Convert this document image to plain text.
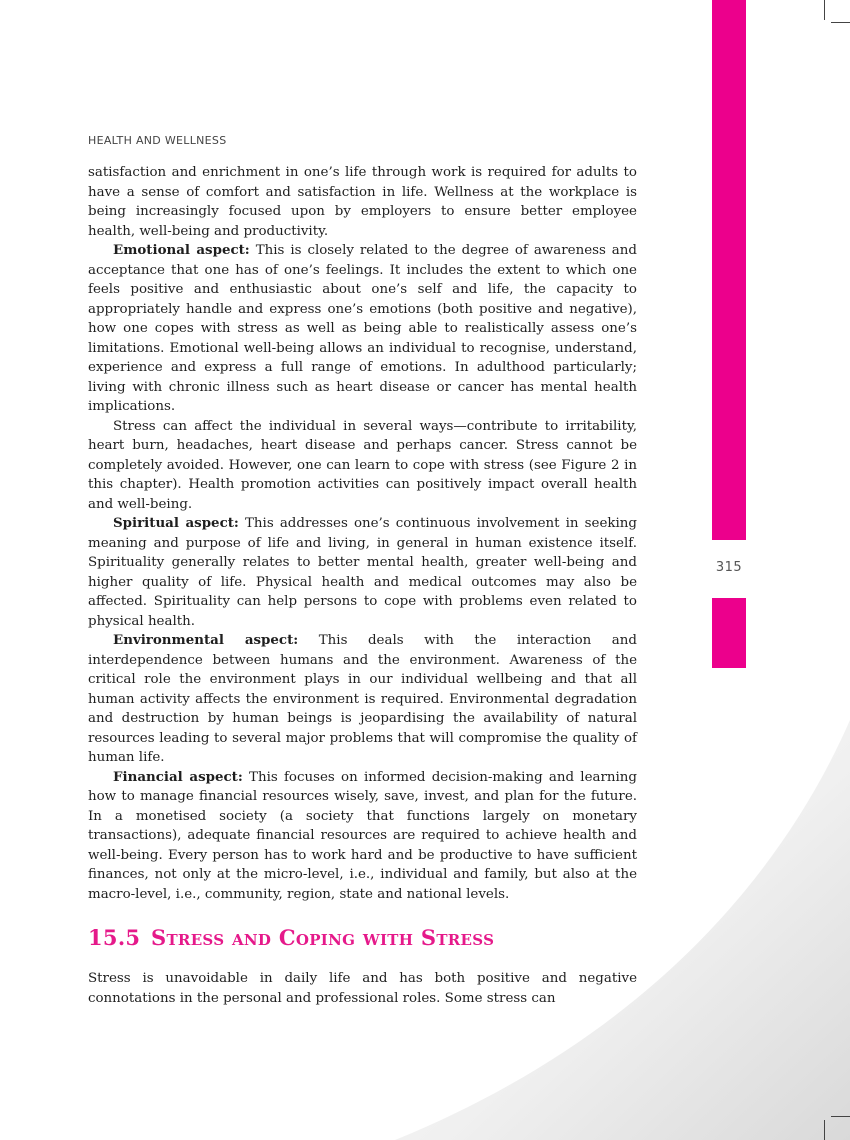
315
HEALTH AND WELLNESS

satisfaction and enrichment in one’s life through work is required for adults to have a sense of comfort and satisfaction in life. Wellness at the workplace is being increasingly focused upon by employers to ensure better employee health, well-being and productivity.

Emotional aspect: This is closely related to the degree of awareness and acceptance that one has of one’s feelings. It includes the extent to which one feels positive and enthusiastic about one’s self and life, the capacity to appropriately handle and express one’s emotions (both positive and negative), how one copes with stress as well as being able to realistically assess one’s limitations. Emotional well-being allows an individual to recognise, understand, experience and express a full range of emotions. In adulthood particularly; living with chronic illness such as heart disease or cancer has mental health implications.

Stress can affect the individual in several ways—contribute to irritability, heart burn, headaches, heart disease and perhaps cancer. Stress cannot be completely avoided. However, one can learn to cope with stress (see Figure 2 in this chapter). Health promotion activities can positively impact overall health and well-being.

Spiritual aspect: This addresses one’s continuous involvement in seeking meaning and purpose of life and living, in general in human existence itself. Spirituality generally relates to better mental health, greater well-being and higher quality of life. Physical health and medical outcomes may also be affected. Spirituality can help persons to cope with problems even related to physical health.

Environmental aspect: This deals with the interaction and interdependence between humans and the environment. Awareness of the critical role the environment plays in our individual wellbeing and that all human activity affects the environment is required. Environmental degradation and destruction by human beings is jeopardising the availability of natural resources leading to several major problems that will compromise the quality of human life.

Financial aspect: This focuses on informed decision-making and learning how to manage financial resources wisely, save, invest, and plan for the future. In a monetised society (a society that functions largely on monetary transactions), adequate financial resources are required to achieve health and well-being. Every person has to work hard and be productive to have sufficient finances, not only at the micro-level, i.e., individual and family, but also at the macro-level, i.e., community, region, state and national levels.

15.5 Stress and Coping with Stress

Stress is unavoidable in daily life and has both positive and negative connotations in the personal and professional roles. Some stress can
